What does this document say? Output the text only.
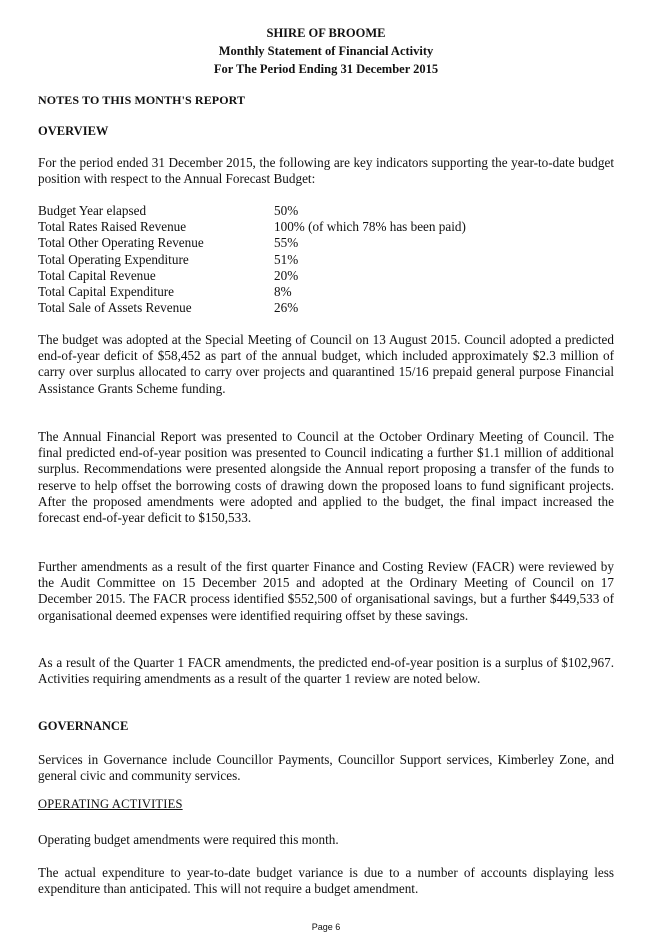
SHIRE OF BROOME
Monthly Statement of Financial Activity
For The Period Ending 31 December 2015
NOTES TO THIS MONTH'S REPORT
OVERVIEW
For the period ended 31 December 2015, the following are key indicators supporting the year-to-date budget position with respect to the Annual Forecast Budget:
Budget Year elapsed	50%
Total Rates Raised Revenue	100% (of which 78% has been paid)
Total Other Operating Revenue	55%
Total Operating Expenditure	51%
Total Capital Revenue	20%
Total Capital Expenditure	8%
Total Sale of Assets Revenue	26%
The budget was adopted at the Special Meeting of Council on 13 August 2015. Council adopted a predicted end-of-year deficit of $58,452 as part of the annual budget, which included approximately $2.3 million of carry over surplus allocated to carry over projects and quarantined 15/16 prepaid general purpose Financial Assistance Grants Scheme funding.
The Annual Financial Report was presented to Council at the October Ordinary Meeting of Council. The final predicted end-of-year position was presented to Council indicating a further $1.1 million of additional surplus. Recommendations were presented alongside the Annual report proposing a transfer of the funds to reserve to help offset the borrowing costs of drawing down the proposed loans to fund significant projects. After the proposed amendments were adopted and applied to the budget, the final impact increased the forecast end-of-year deficit to $150,533.
Further amendments as a result of the first quarter Finance and Costing Review (FACR) were reviewed by the Audit Committee on 15 December 2015 and adopted at the Ordinary Meeting of Council on 17 December 2015. The FACR process identified $552,500 of organisational savings, but a further $449,533 of organisational deemed expenses were identified requiring offset by these savings.
As a result of the Quarter 1 FACR amendments, the predicted end-of-year position is a surplus of $102,967. Activities requiring amendments as a result of the quarter 1 review are noted below.
GOVERNANCE
Services in Governance include Councillor Payments, Councillor Support services, Kimberley Zone, and general civic and community services.
OPERATING ACTIVITIES
Operating budget amendments were required this month.
The actual expenditure to year-to-date budget variance is due to a number of accounts displaying less expenditure than anticipated. This will not require a budget amendment.
Page 6
